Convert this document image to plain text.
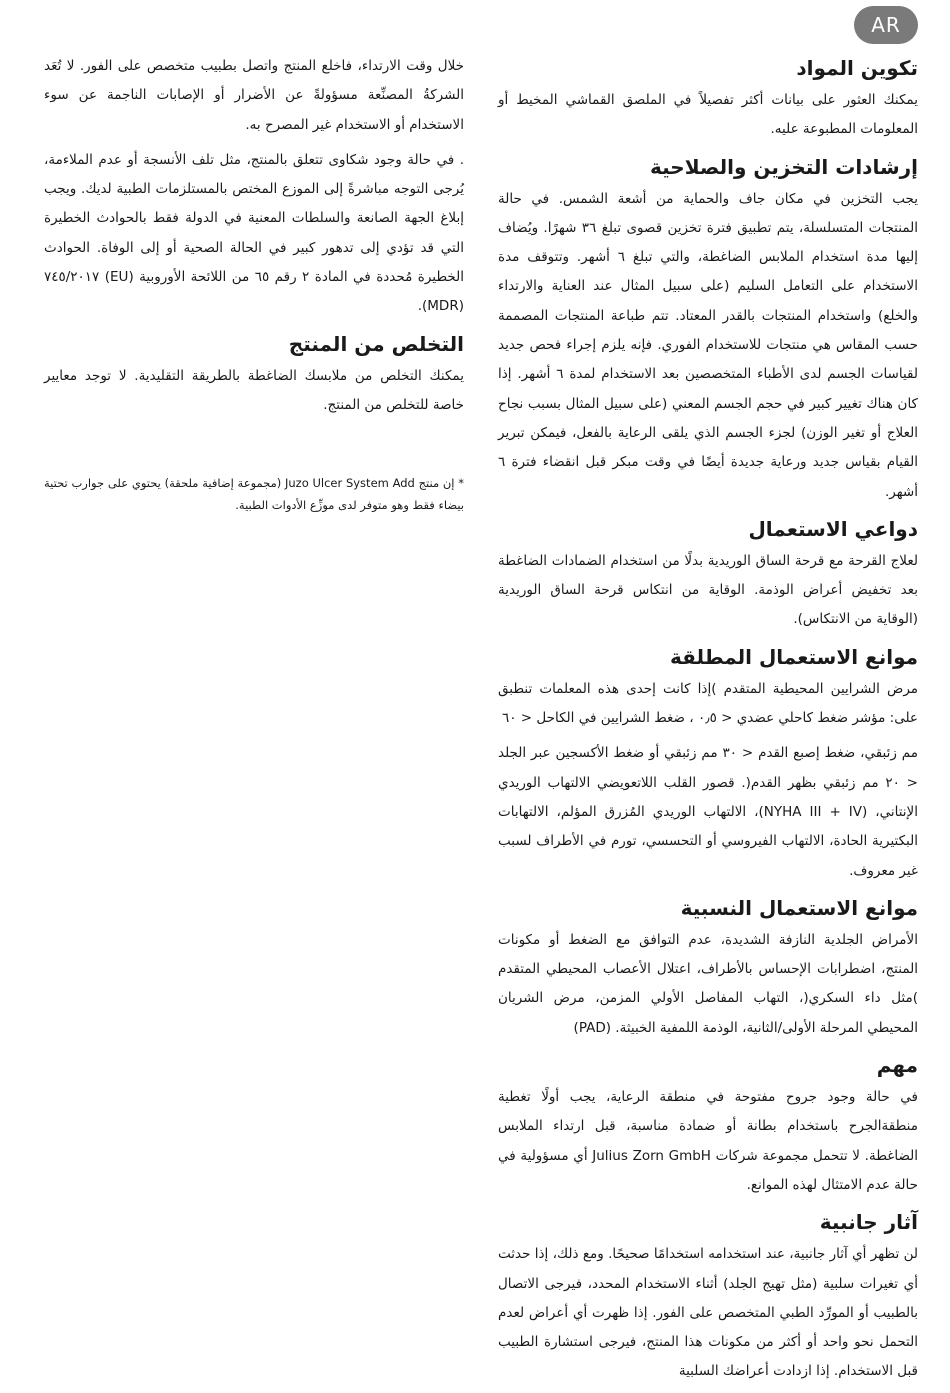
AR
تكوين المواد

يمكنك العثور على بيانات أكثر تفصيلاً في الملصق القماشي المخيط أو المعلومات المطبوعة عليه.

إرشادات التخزين والصلاحية

يجب التخزين في مكان جاف والحماية من أشعة الشمس. في حالة المنتجات المتسلسلة، يتم تطبيق فترة تخزين قصوى تبلغ ٣٦ شهرًا. ويُضاف إليها مدة استخدام الملابس الضاغطة، والتي تبلغ ٦ أشهر. وتتوقف مدة الاستخدام على التعامل السليم (على سبيل المثال عند العناية والارتداء والخلع) واستخدام المنتجات بالقدر المعتاد. تتم طباعة المنتجات المصممة حسب المقاس هي منتجات للاستخدام الفوري. فإنه يلزم إجراء فحص جديد لقياسات الجسم لدى الأطباء المتخصصين بعد الاستخدام لمدة ٦ أشهر. إذا كان هناك تغيير كبير في حجم الجسم المعني (على سبيل المثال بسبب نجاح العلاج أو تغير الوزن) لجزء الجسم الذي يلقى الرعاية بالفعل، فيمكن تبرير القيام بقياس جديد ورعاية جديدة أيضًا في وقت مبكر قبل انقضاء فترة ٦ أشهر.

دواعي الاستعمال

لعلاج القرحة مع قرحة الساق الوريدية بدلًا من استخدام الضمادات الضاغطة بعد تخفيض أعراض الوذمة. الوقاية من انتكاس قرحة الساق الوريدية (الوقاية من الانتكاس).

موانع الاستعمال المطلقة

مرض الشرايين المحيطية المتقدم )إذا كانت إحدى هذه المعلمات تنطبق على: مؤشر ضغط كاحلي عضدي < ٠٫٥ ، ضغط الشرايين في الكاحل < ٦٠

مم زئبقي، ضغط إصبع القدم < ٣٠ مم زئبقي أو ضغط الأكسجين عبر الجلد < ٢٠ مم زئبقي بظهر القدم(. قصور القلب اللاتعويضي الالتهاب الوريدي الإنتاني، (NYHA III + IV)، الالتهاب الوريدي المُزرق المؤلم، الالتهابات البكتيرية الحادة، الالتهاب الفيروسي أو التحسسي، تورم في الأطراف لسبب غير معروف.

موانع الاستعمال النسبية

الأمراض الجلدية النازفة الشديدة، عدم التوافق مع الضغط أو مكونات المنتج، اضطرابات الإحساس بالأطراف، اعتلال الأعصاب المحيطي المتقدم )مثل داء السكري(، التهاب المفاصل الأولي المزمن، مرض الشريان المحيطي المرحلة الأولى/الثانية، الوذمة اللمفية الخبيثة. (PAD)

مهم

في حالة وجود جروح مفتوحة في منطقة الرعاية، يجب أولًا تغطية منطقةالجرح باستخدام بطانة أو ضمادة مناسبة، قبل ارتداء الملابس الضاغطة. لا تتحمل مجموعة شركات Julius Zorn GmbH أي مسؤولية في حالة عدم الامتثال لهذه الموانع.

آثار جانبية

لن تظهر أي آثار جانبية، عند استخدامه استخدامًا صحيحًا. ومع ذلك، إذا حدثت أي تغيرات سلبية (مثل تهيج الجلد) أثناء الاستخدام المحدد، فيرجى الاتصال بالطبيب أو المورِّد الطبي المتخصص على الفور. إذا ظهرت أي أعراض لعدم التحمل نحو واحد أو أكثر من مكونات هذا المنتج، فيرجى استشارة الطبيب قبل الاستخدام. إذا ازدادت أعراضك السلبية

خلال وقت الارتداء، فاخلع المنتج واتصل بطبيب متخصص على الفور. لا تُعَد الشركةُ المصنِّعة مسؤولةً عن الأضرار أو الإصابات الناجمة عن سوء الاستخدام أو الاستخدام غير المصرح به.

. في حالة وجود شكاوى تتعلق بالمنتج، مثل تلف الأنسجة أو عدم الملاءمة، يُرجى التوجه مباشرةً إلى الموزع المختص بالمستلزمات الطبية لديك. ويجب إبلاغ الجهة الصانعة والسلطات المعنية في الدولة فقط بالحوادث الخطيرة التي قد تؤدي إلى تدهور كبير في الحالة الصحية أو إلى الوفاة. الحوادث الخطيرة مُحددة في المادة ٢ رقم ٦٥ من اللائحة الأوروبية (EU) ٧٤٥/٢٠١٧ (MDR).

التخلص من المنتج

يمكنك التخلص من ملابسك الضاغطة بالطريقة التقليدية. لا توجد معايير خاصة للتخلص من المنتج.

* إن منتج Juzo Ulcer System Add (مجموعة إضافية ملحقة) يحتوي على جوارب تحتية بيضاء فقط وهو متوفر لدى موزِّع الأدوات الطبية.
